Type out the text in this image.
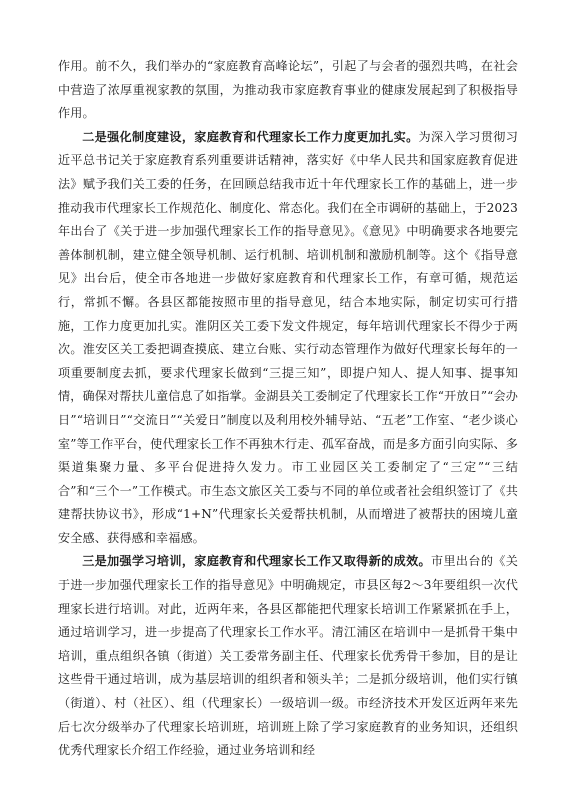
作用。前不久，我们举办的“家庭教育高峰论坛”，引起了与会者的强烈共鸣，在社会中营造了浓厚重视家教的氛围，为推动我市家庭教育事业的健康发展起到了积极指导作用。

二是强化制度建设，家庭教育和代理家长工作力度更加扎实。为深入学习贯彻习近平总书记关于家庭教育系列重要讲话精神，落实好《中华人民共和国家庭教育促进法》赋予我们关工委的任务，在回顾总结我市近十年代理家长工作的基础上，进一步推动我市代理家长工作规范化、制度化、常态化。我们在全市调研的基础上，于2023年出台了《关于进一步加强代理家长工作的指导意见》。《意见》中明确要求各地要完善体制机制，建立健全领导机制、运行机制、培训机制和激励机制等。这个《指导意见》出台后，使全市各地进一步做好家庭教育和代理家长工作，有章可循，规范运行，常抓不懈。各县区都能按照市里的指导意见，结合本地实际，制定切实可行措施，工作力度更加扎实。淮阴区关工委下发文件规定，每年培训代理家长不得少于两次。淮安区关工委把调查摸底、建立台账、实行动态管理作为做好代理家长每年的一项重要制度去抓，要求代理家长做到“三提三知”，即提户知人、提人知事、提事知情，确保对帮扶儿童信息了如指掌。金湖县关工委制定了代理家长工作“开放日”“会办日”“培训日”“交流日”“关爱日”制度以及利用校外辅导站、“五老”工作室、“老少谈心室”等工作平台，使代理家长工作不再独木行走、孤军奋战，而是多方面引向实际、多渠道集聚力量、多平台促进持久发力。市工业园区关工委制定了“三定”“三结合”和“三个一”工作模式。市生态文旅区关工委与不同的单位或者社会组织签订了《共建帮扶协议书》，形成“1+N”代理家长关爱帮扶机制，从而增进了被帮扶的困境儿童安全感、获得感和幸福感。

三是加强学习培训，家庭教育和代理家长工作又取得新的成效。市里出台的《关于进一步加强代理家长工作的指导意见》中明确规定，市县区每2～3年要组织一次代理家长进行培训。对此，近两年来，各县区都能把代理家长培训工作紧紧抓在手上，通过培训学习，进一步提高了代理家长工作水平。清江浦区在培训中一是抓骨干集中培训，重点组织各镇（街道）关工委常务副主任、代理家长优秀骨干参加，目的是让这些骨干通过培训，成为基层培训的组织者和领头羊；二是抓分级培训，他们实行镇（街道）、村（社区）、组（代理家长）一级培训一级。市经济技术开发区近两年来先后七次分级举办了代理家长培训班，培训班上除了学习家庭教育的业务知识，还组织优秀代理家长介绍工作经验，通过业务培训和经
